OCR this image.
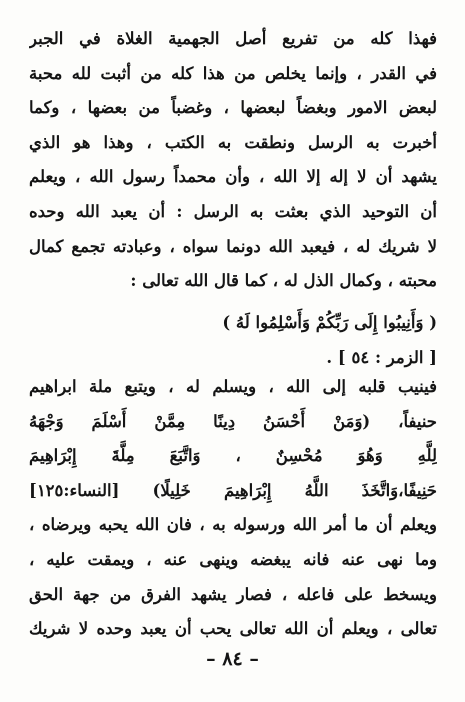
فهذا كله من تفريع أصل الجهمية الغلاة في الجبر
في القدر ، وإنما يخلص من هذا كله من أثبت لله محبة
لبعض الامور وبغضاً لبعضها ، وغضباً من بعضها ، وكما
أخبرت به الرسل ونطقت به الكتب ، وهذا هو الذي
يشهد أن لا إله إلا الله ، وأن محمداً رسول الله ، ويعلم
أن التوحيد الذي بعثت به الرسل : أن يعبد الله وحده
لا شريك له ، فيعبد الله دونما سواه ، وعبادته تجمع كمال
محبته ، وكمال الذل له ، كما قال الله تعالى :
( وَأَنِيبُوا إِلَى رَبِّكُمْ وَأَسْلِمُوا لَهُ )
[ الزمر : ٥٤ ] .
فينيب قلبه إلى الله ، ويسلم له ، ويتبع ملة ابراهيم
حنيفاً، (وَمَنْ أَحْسَنُ دِينًا مِمَّنْ أَسْلَمَ وَجْهَهُ
لِلَّهِ وَهُوَ مُحْسِنٌ ، وَاتَّبَعَ مِلَّةَ إِبْرَاهِيمَ
حَنِيفًا،وَاتَّخَذَ اللَّهُ إِبْرَاهِيمَ خَلِيلًا) [النساء:١٢٥]
ويعلم أن ما أمر الله ورسوله به ، فان الله يحبه ويرضاه ،
وما نهى عنه فانه يبغضه وينهى عنه ، ويمقت عليه ،
ويسخط على فاعله ، فصار يشهد الفرق من جهة الحق
تعالى ، ويعلم أن الله تعالى يحب أن يعبد وحده لا شريك
– ٨٤ –
